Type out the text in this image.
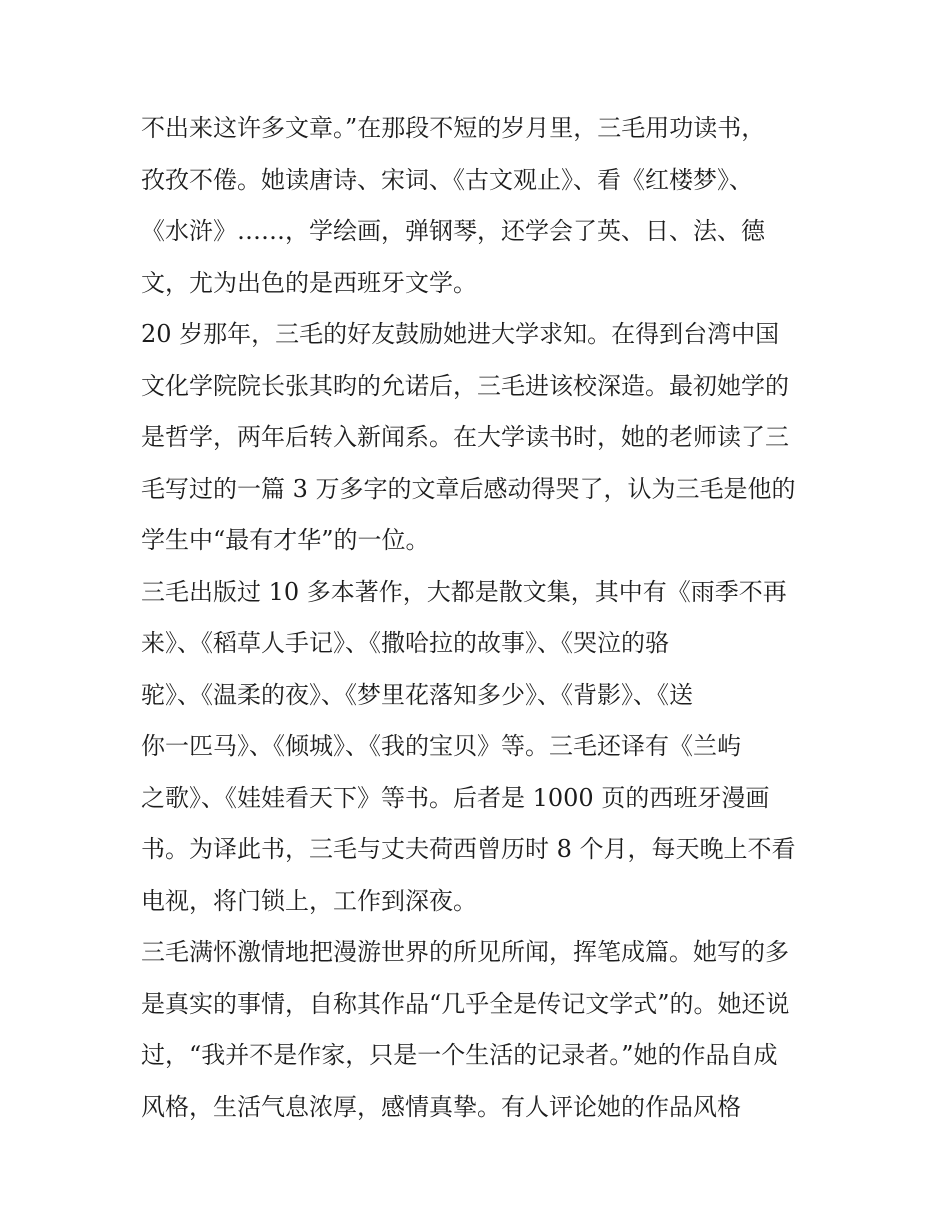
不出来这许多文章。”在那段不短的岁月里，三毛用功读书，
孜孜不倦。她读唐诗、宋词、《古文观止》、看《红楼梦》、
《水浒》……，学绘画，弹钢琴，还学会了英、日、法、德
文，尤为出色的是西班牙文学。
20 岁那年，三毛的好友鼓励她进大学求知。在得到台湾中国
文化学院院长张其昀的允诺后，三毛进该校深造。最初她学的
是哲学，两年后转入新闻系。在大学读书时，她的老师读了三
毛写过的一篇 3 万多字的文章后感动得哭了，认为三毛是他的
学生中“最有才华”的一位。
三毛出版过 10 多本著作，大都是散文集，其中有《雨季不再
来》、《稻草人手记》、《撒哈拉的故事》、《哭泣的骆
驼》、《温柔的夜》、《梦里花落知多少》、《背影》、《送
你一匹马》、《倾城》、《我的宝贝》等。三毛还译有《兰屿
之歌》、《娃娃看天下》等书。后者是 1000 页的西班牙漫画
书。为译此书，三毛与丈夫荷西曾历时 8 个月，每天晚上不看
电视，将门锁上，工作到深夜。
三毛满怀激情地把漫游世界的所见所闻，挥笔成篇。她写的多
是真实的事情，自称其作品“几乎全是传记文学式”的。她还说
过，“我并不是作家，只是一个生活的记录者。”她的作品自成
风格，生活气息浓厚，感情真挚。有人评论她的作品风格
